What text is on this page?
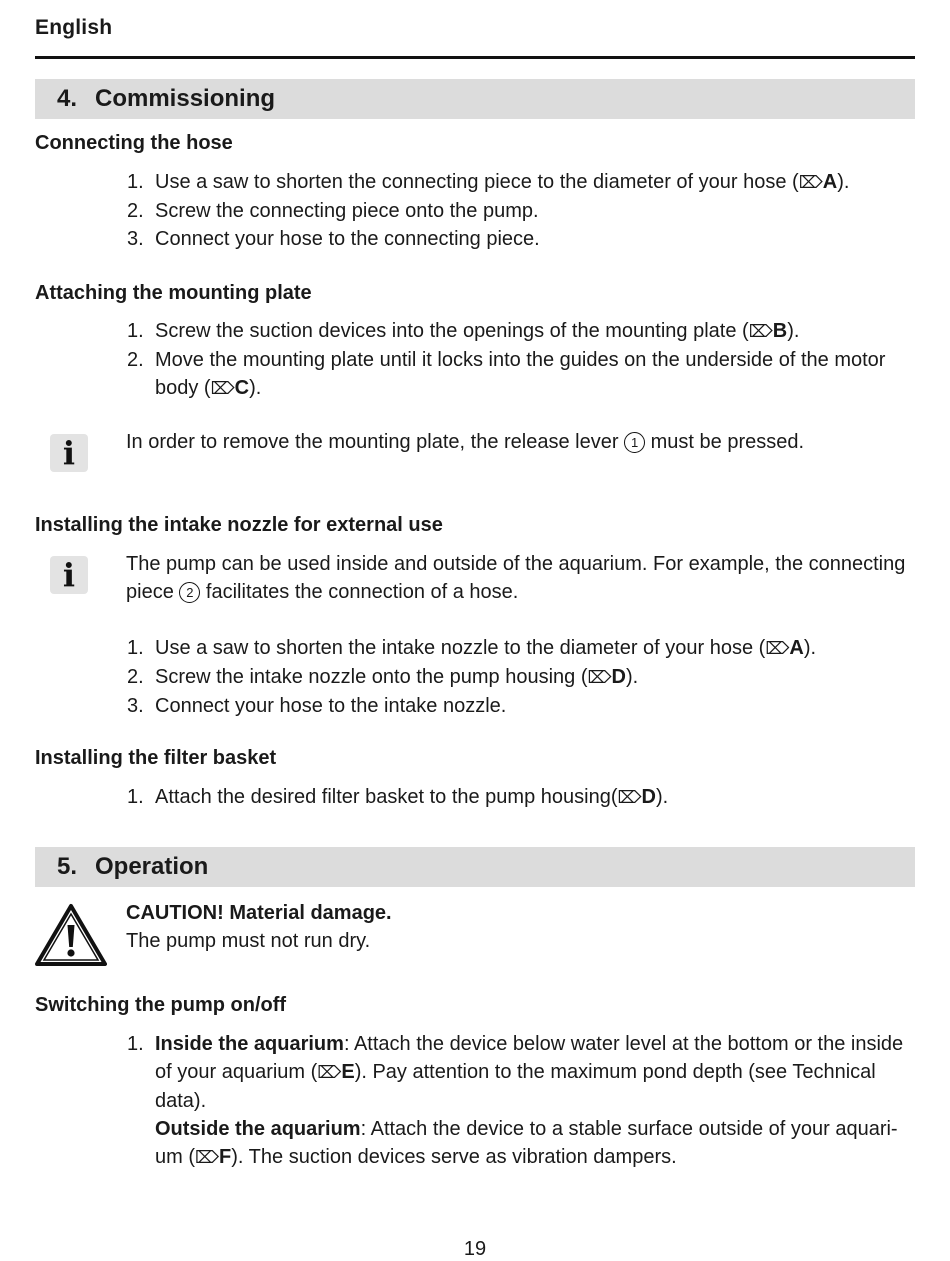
English
4. Commissioning
Connecting the hose
1. Use a saw to shorten the connecting piece to the diameter of your hose (⌦A).
2. Screw the connecting piece onto the pump.
3. Connect your hose to the connecting piece.
Attaching the mounting plate
1. Screw the suction devices into the openings of the mounting plate (⌦B).
2. Move the mounting plate until it locks into the guides on the underside of the motor body (⌦C).
i	In order to remove the mounting plate, the release lever 1 must be pressed.
Installing the intake nozzle for external use
i	The pump can be used inside and outside of the aquarium. For example, the connecting piece 2 facilitates the connection of a hose.
1. Use a saw to shorten the intake nozzle to the diameter of your hose (⌦A).
2. Screw the intake nozzle onto the pump housing (⌦D).
3. Connect your hose to the intake nozzle.
Installing the filter basket
1. Attach the desired filter basket to the pump housing(⌦D).
5. Operation
CAUTION! Material damage.
The pump must not run dry.
Switching the pump on/off
1. Inside the aquarium: Attach the device below water level at the bottom or the inside of your aquarium (⌦E). Pay attention to the maximum pond depth (see Technical data).
Outside the aquarium: Attach the device to a stable surface outside of your aquari-um (⌦F). The suction devices serve as vibration dampers.
19
